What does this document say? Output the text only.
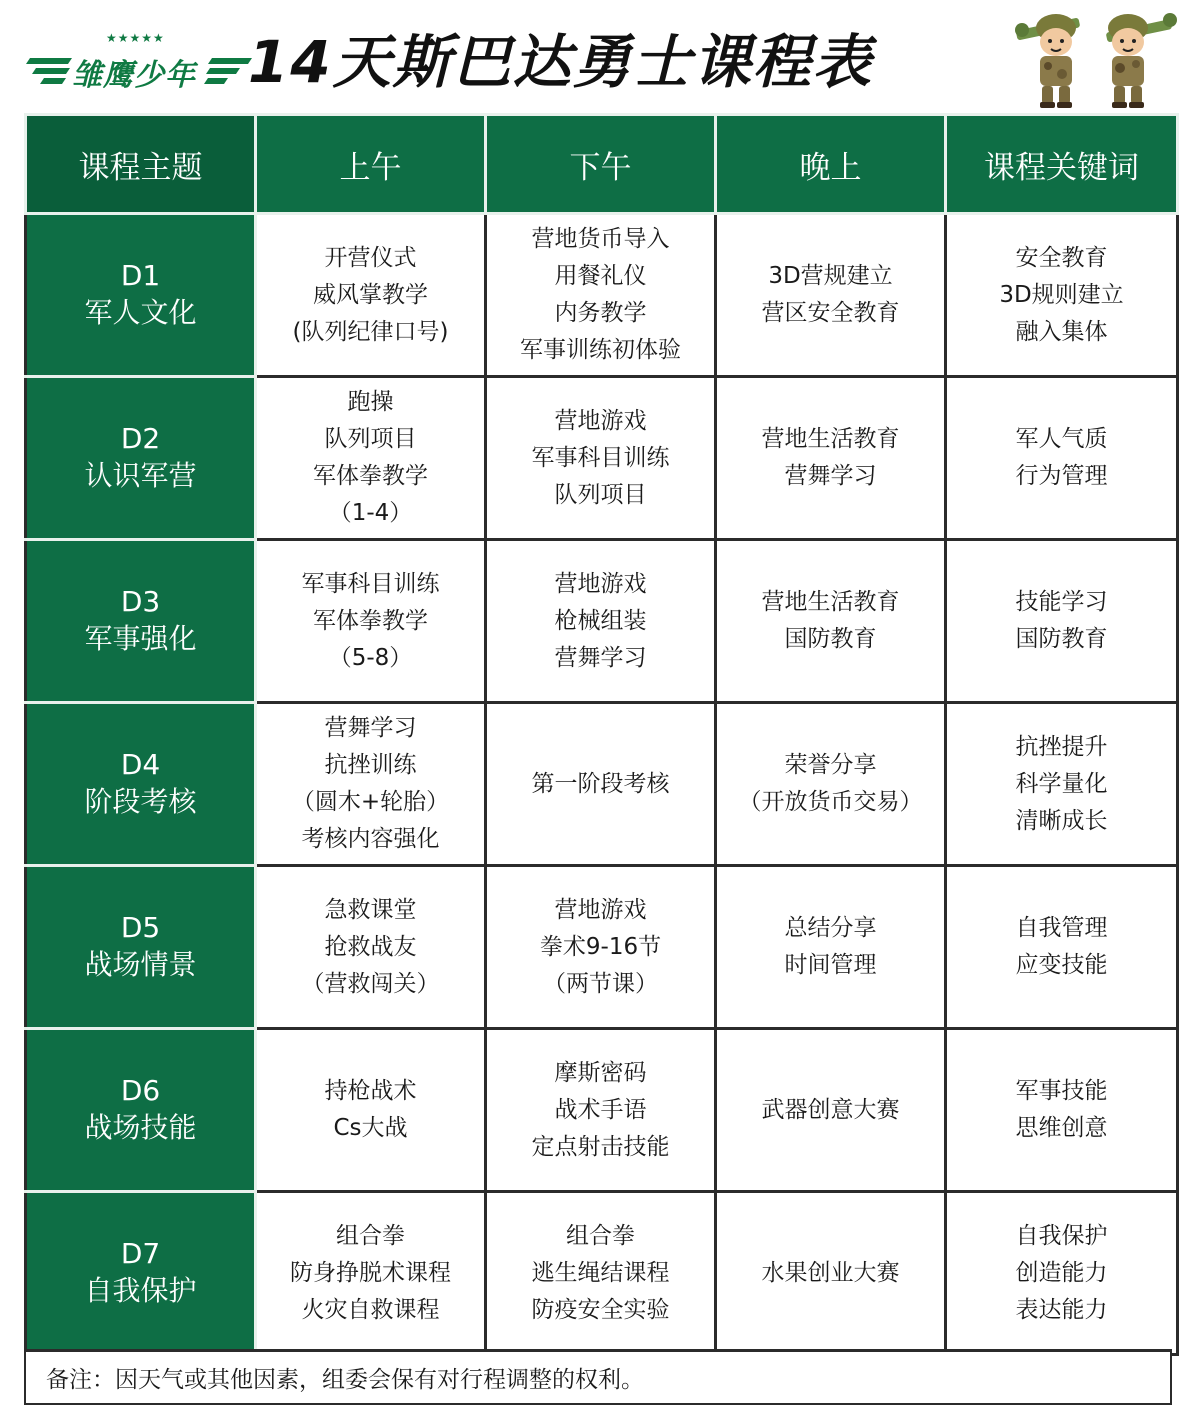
★★★★★
雏鹰少年 14天斯巴达勇士课程表
课程主题	上午	下午	晚上	课程关键词

D1
军人文化	开营仪式
威风掌教学
(队列纪律口号)	营地货币导入
用餐礼仪
内务教学
军事训练初体验	3D营规建立
营区安全教育	安全教育
3D规则建立
融入集体

D2
认识军营	跑操
队列项目
军体拳教学
（1-4）	营地游戏
军事科目训练
队列项目	营地生活教育
营舞学习	军人气质
行为管理

D3
军事强化	军事科目训练
军体拳教学
（5-8）	营地游戏
枪械组装
营舞学习	营地生活教育
国防教育	技能学习
国防教育

D4
阶段考核	营舞学习
抗挫训练
（圆木+轮胎）
考核内容强化	第一阶段考核	荣誉分享
（开放货币交易）	抗挫提升
科学量化
清晰成长

D5
战场情景	急救课堂
抢救战友
（营救闯关）	营地游戏
拳术9-16节
（两节课）	总结分享
时间管理	自我管理
应变技能

D6
战场技能	持枪战术
Cs大战	摩斯密码
战术手语
定点射击技能	武器创意大赛	军事技能
思维创意

D7
自我保护	组合拳
防身挣脱术课程
火灾自救课程	组合拳
逃生绳结课程
防疫安全实验	水果创业大赛	自我保护
创造能力
表达能力
备注：因天气或其他因素，组委会保有对行程调整的权利。
